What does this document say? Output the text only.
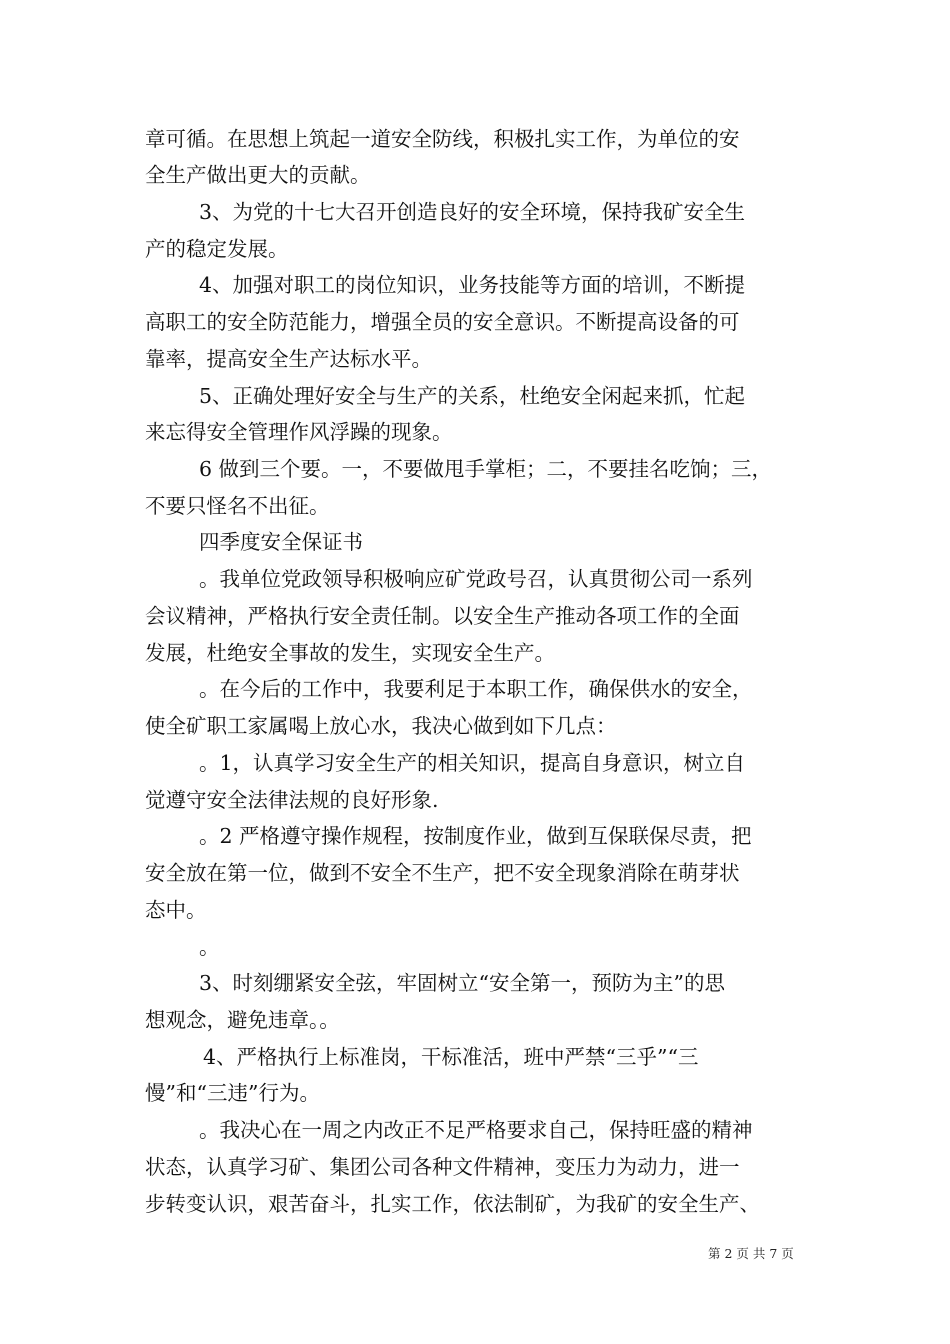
章可循。在思想上筑起一道安全防线，积极扎实工作，为单位的安

全生产做出更大的贡献。

3、为党的十七大召开创造良好的安全环境，保持我矿安全生

产的稳定发展。

4、加强对职工的岗位知识，业务技能等方面的培训，不断提

高职工的安全防范能力，增强全员的安全意识。不断提高设备的可

靠率，提高安全生产达标水平。

5、正确处理好安全与生产的关系，杜绝安全闲起来抓，忙起

来忘得安全管理作风浮躁的现象。

6 做到三个要。一，不要做甩手掌柜；二，不要挂名吃饷；三，

不要只怪名不出征。

四季度安全保证书

。我单位党政领导积极响应矿党政号召，认真贯彻公司一系列

会议精神，严格执行安全责任制。以安全生产推动各项工作的全面

发展，杜绝安全事故的发生，实现安全生产。

。在今后的工作中，我要利足于本职工作，确保供水的安全，

使全矿职工家属喝上放心水，我决心做到如下几点：

。1，认真学习安全生产的相关知识，提高自身意识，树立自

觉遵守安全法律法规的良好形象.

。2 严格遵守操作规程，按制度作业，做到互保联保尽责，把

安全放在第一位，做到不安全不生产，把不安全现象消除在萌芽状

态中。

。

3、时刻绷紧安全弦，牢固树立“安全第一，预防为主”的思

想观念，避免违章。。

4、严格执行上标准岗，干标准活，班中严禁“三乎”“三

慢”和“三违”行为。

。我决心在一周之内改正不足严格要求自己，保持旺盛的精神

状态，认真学习矿、集团公司各种文件精神，变压力为动力，进一

步转变认识，艰苦奋斗，扎实工作，依法制矿，为我矿的安全生产、

第 2 页 共 7 页
